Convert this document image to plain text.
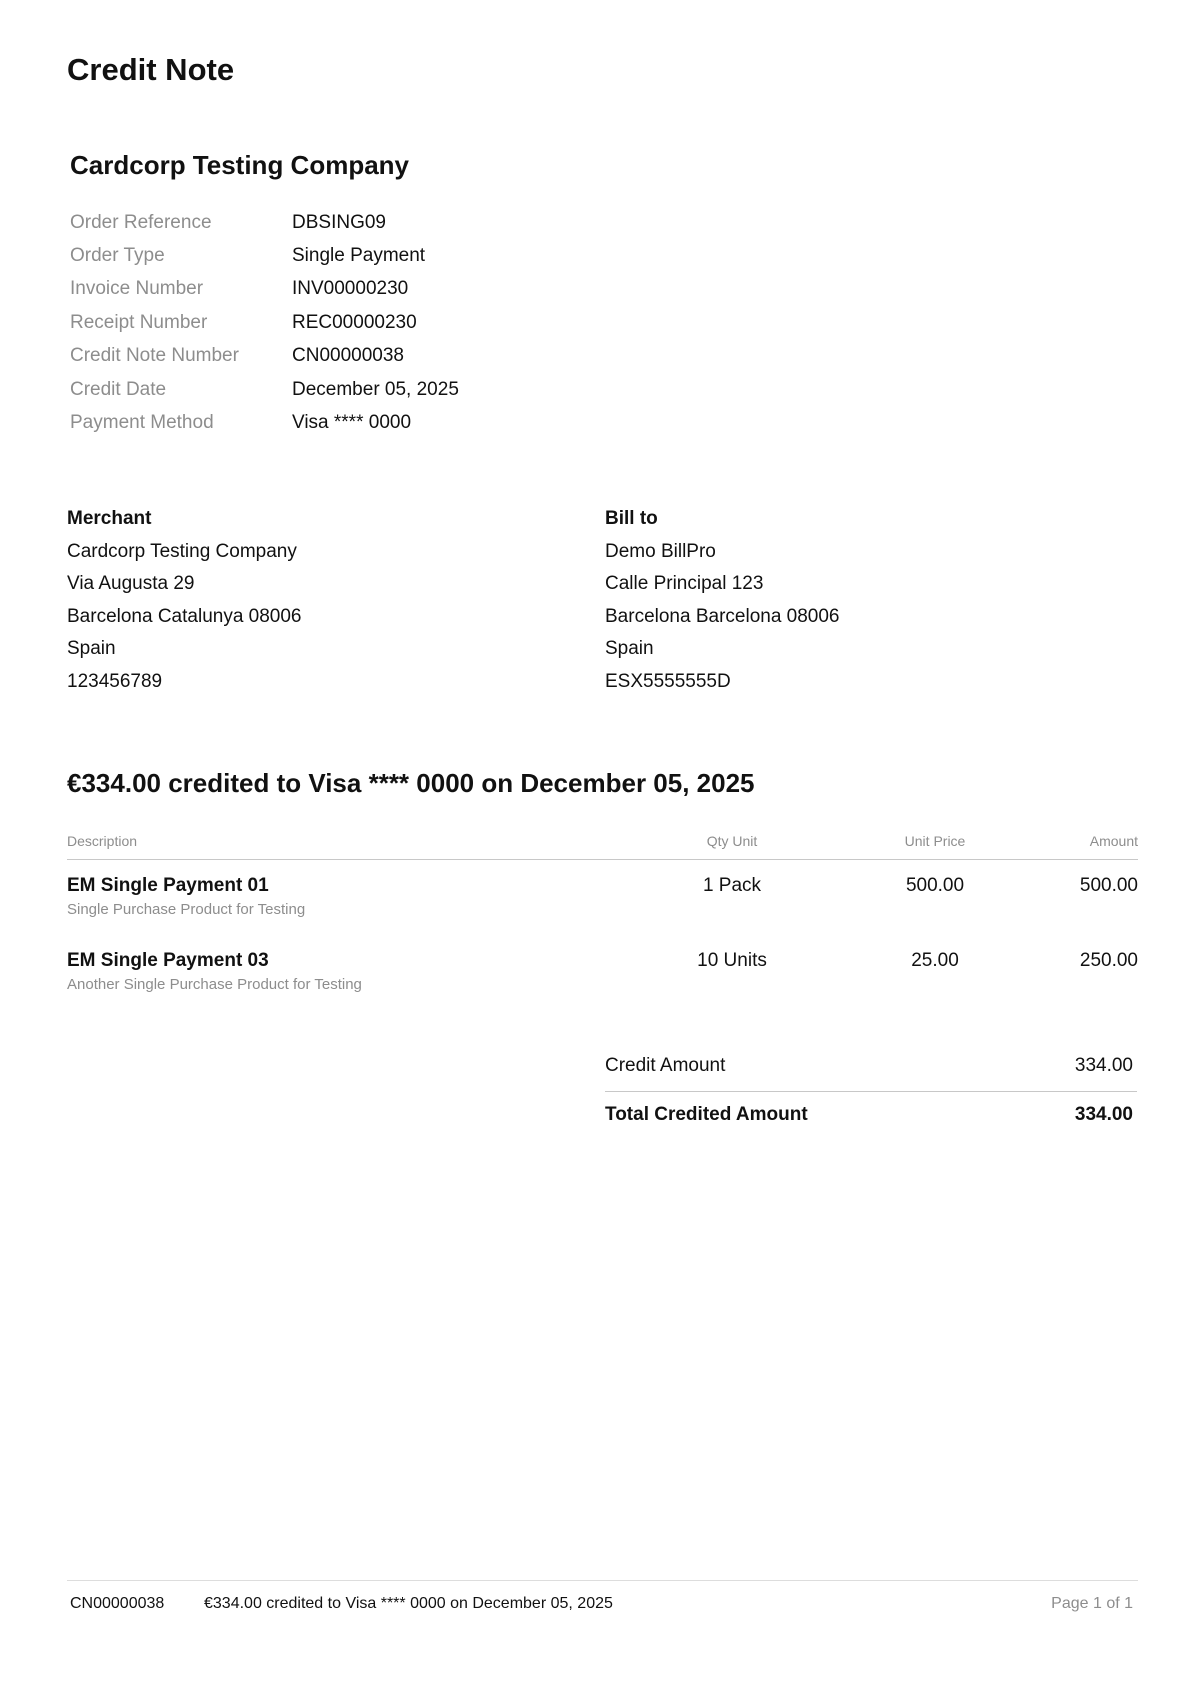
Credit Note
Cardcorp Testing Company
Order Reference	DBSING09
Order Type	Single Payment
Invoice Number	INV00000230
Receipt Number	REC00000230
Credit Note Number	CN00000038
Credit Date	December 05, 2025
Payment Method	Visa **** 0000
Merchant
Cardcorp Testing Company
Via Augusta 29
Barcelona Catalunya 08006
Spain
123456789
Bill to
Demo BillPro
Calle Principal 123
Barcelona Barcelona 08006
Spain
ESX5555555D
€334.00 credited to Visa **** 0000 on December 05, 2025
Description	Qty Unit	Unit Price	Amount
EM Single Payment 01
Single Purchase Product for Testing
1 Pack	500.00	500.00
EM Single Payment 03
Another Single Purchase Product for Testing
10 Units	25.00	250.00
Credit Amount	334.00
Total Credited Amount	334.00
CN00000038 €334.00 credited to Visa **** 0000 on December 05, 2025	Page 1 of 1
